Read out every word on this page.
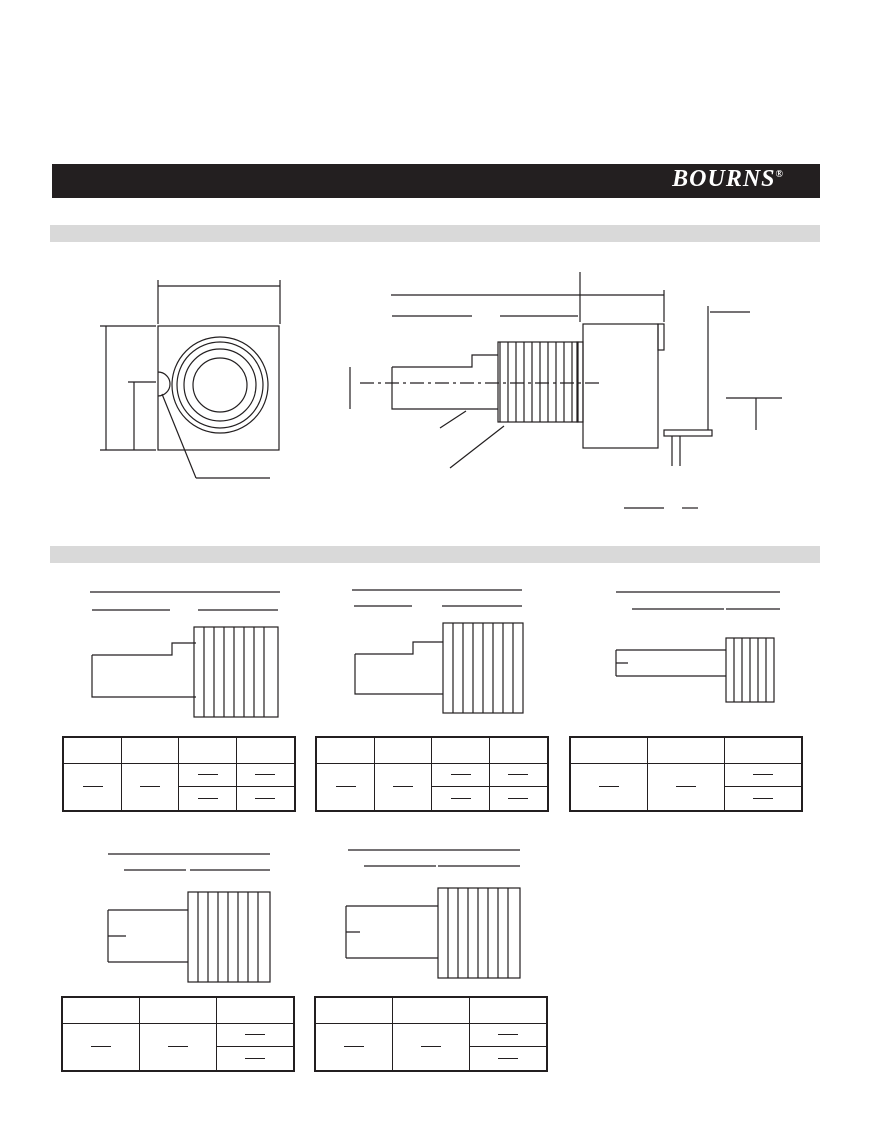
BOURNS®
